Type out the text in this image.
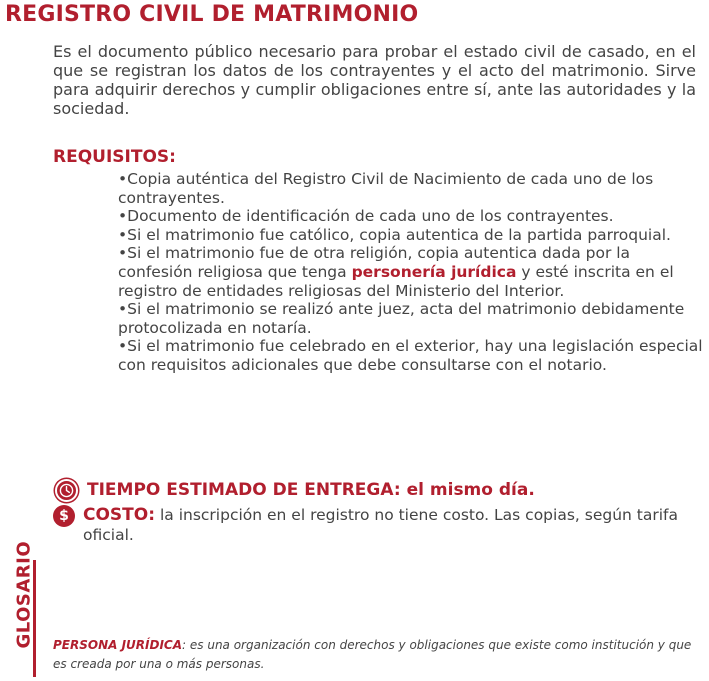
REGISTRO CIVIL DE MATRIMONIO
Es el documento público necesario para probar el estado civil de casado, en el que se registran los datos de los contrayentes y el acto del matrimonio. Sirve para adquirir derechos y cumplir obligaciones entre sí, ante las autoridades y la sociedad.
REQUISITOS:

•Copia auténtica del Registro Civil de Nacimiento de cada uno de los contrayentes.

•Documento de identificación de cada uno de los contrayentes.

•Si el matrimonio fue católico, copia autentica de la partida parroquial.

•Si el matrimonio fue de otra religión, copia autentica dada por la confesión religiosa que tenga personería jurídica y esté inscrita en el registro de entidades religiosas del Ministerio del Interior.

•Si el matrimonio se realizó ante juez, acta del matrimonio debidamente protocolizada en notaría.

•Si el matrimonio fue celebrado en el exterior, hay una legislación especial con requisitos adicionales que debe consultarse con el notario.

TIEMPO ESTIMADO DE ENTREGA: el mismo día.
$ COSTO: la inscripción en el registro no tiene costo. Las copias, según tarifa oficial.
GLOSARIO PERSONA JURÍDICA: es una organización con derechos y obligaciones que existe como institución y que es creada por una o más personas.
